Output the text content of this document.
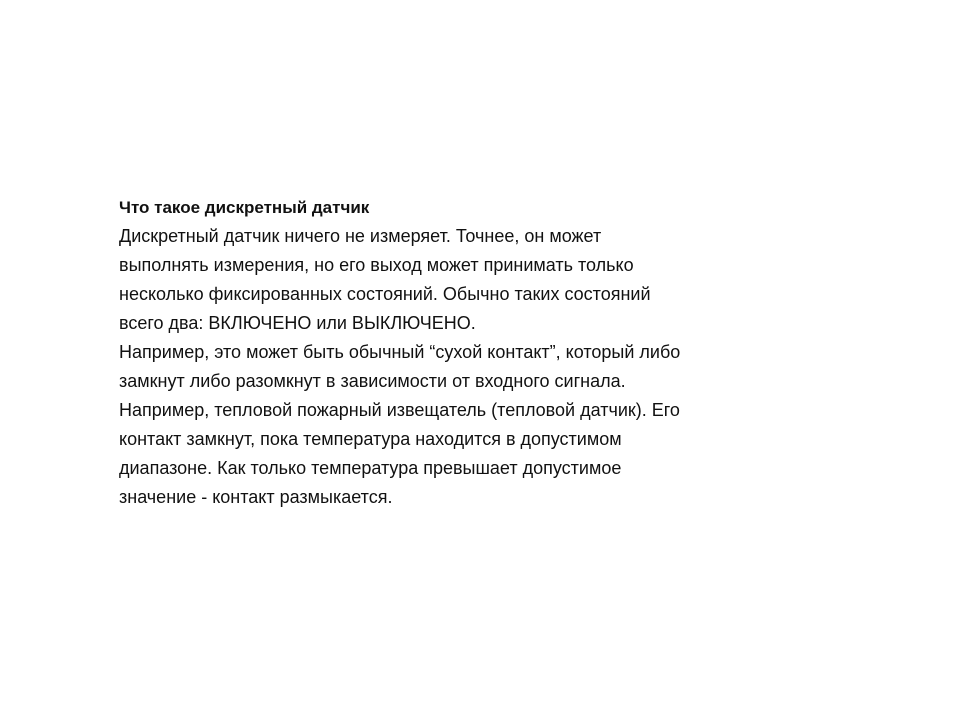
Что такое дискретный датчик
Дискретный датчик ничего не измеряет. Точнее, он может
выполнять измерения, но его выход может принимать только
несколько фиксированных состояний. Обычно таких состояний
всего два: ВКЛЮЧЕНО или ВЫКЛЮЧЕНО.
Например, это может быть обычный “сухой контакт”, который либо
замкнут либо разомкнут в зависимости от входного сигнала.
Например, тепловой пожарный извещатель (тепловой датчик). Его
контакт замкнут, пока температура находится в допустимом
диапазоне. Как только температура превышает допустимое
значение - контакт размыкается.
